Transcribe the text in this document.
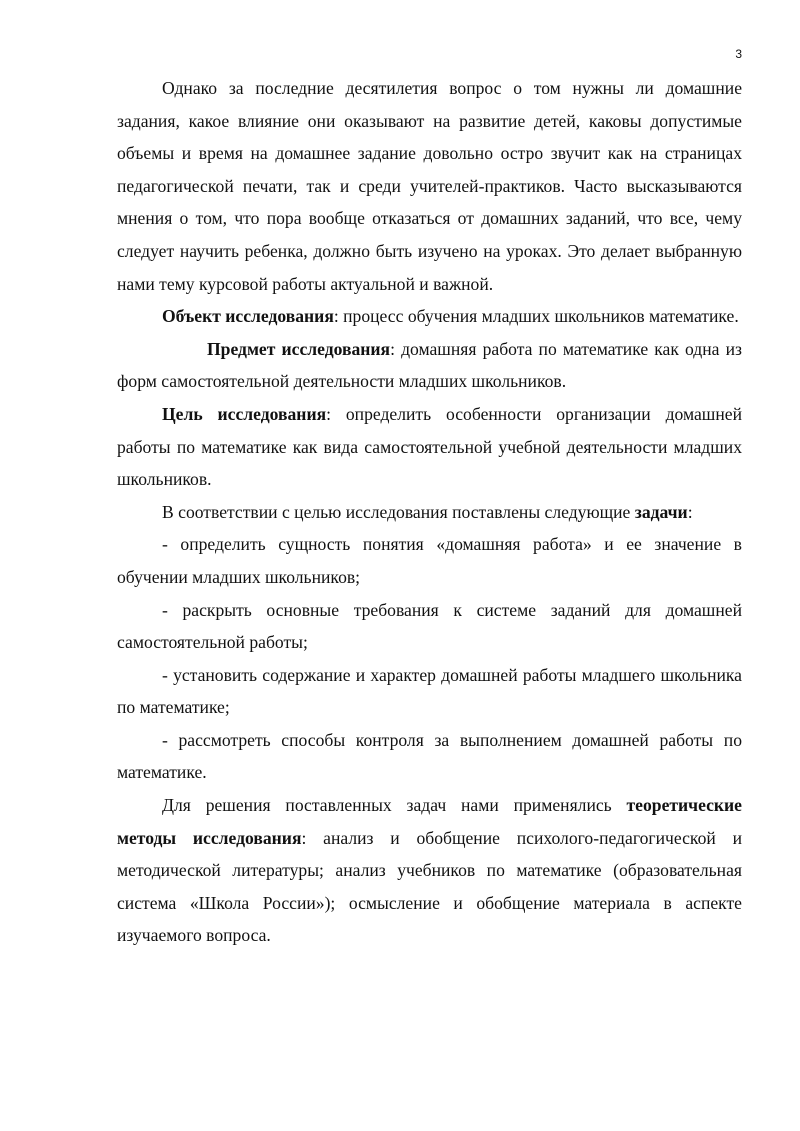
3

Однако за последние десятилетия вопрос о том нужны ли домашние задания, какое влияние они оказывают на развитие детей, каковы допустимые объемы и время на домашнее задание довольно остро звучит как на страницах педагогической печати, так и среди учителей-практиков. Часто высказываются мнения о том, что пора вообще отказаться от домашних заданий, что все, чему следует научить ребенка, должно быть изучено на уроках. Это делает выбранную нами тему курсовой работы актуальной и важной.

Объект исследования: процесс обучения младших школьников математике.

Предмет исследования: домашняя работа по математике как одна из форм самостоятельной деятельности младших школьников.

Цель исследования: определить особенности организации домашней работы по математике как вида самостоятельной учебной деятельности младших школьников.

В соответствии с целью исследования поставлены следующие задачи:

- определить сущность понятия «домашняя работа» и ее значение в обучении младших школьников;

- раскрыть основные требования к системе заданий для домашней самостоятельной работы;

- установить содержание и характер домашней работы младшего школьника по математике;

- рассмотреть способы контроля за выполнением домашней работы по математике.

Для решения поставленных задач нами применялись теоретические методы исследования: анализ и обобщение психолого-педагогической и методической литературы; анализ учебников по математике (образовательная система «Школа России»); осмысление и обобщение материала в аспекте изучаемого вопроса.
